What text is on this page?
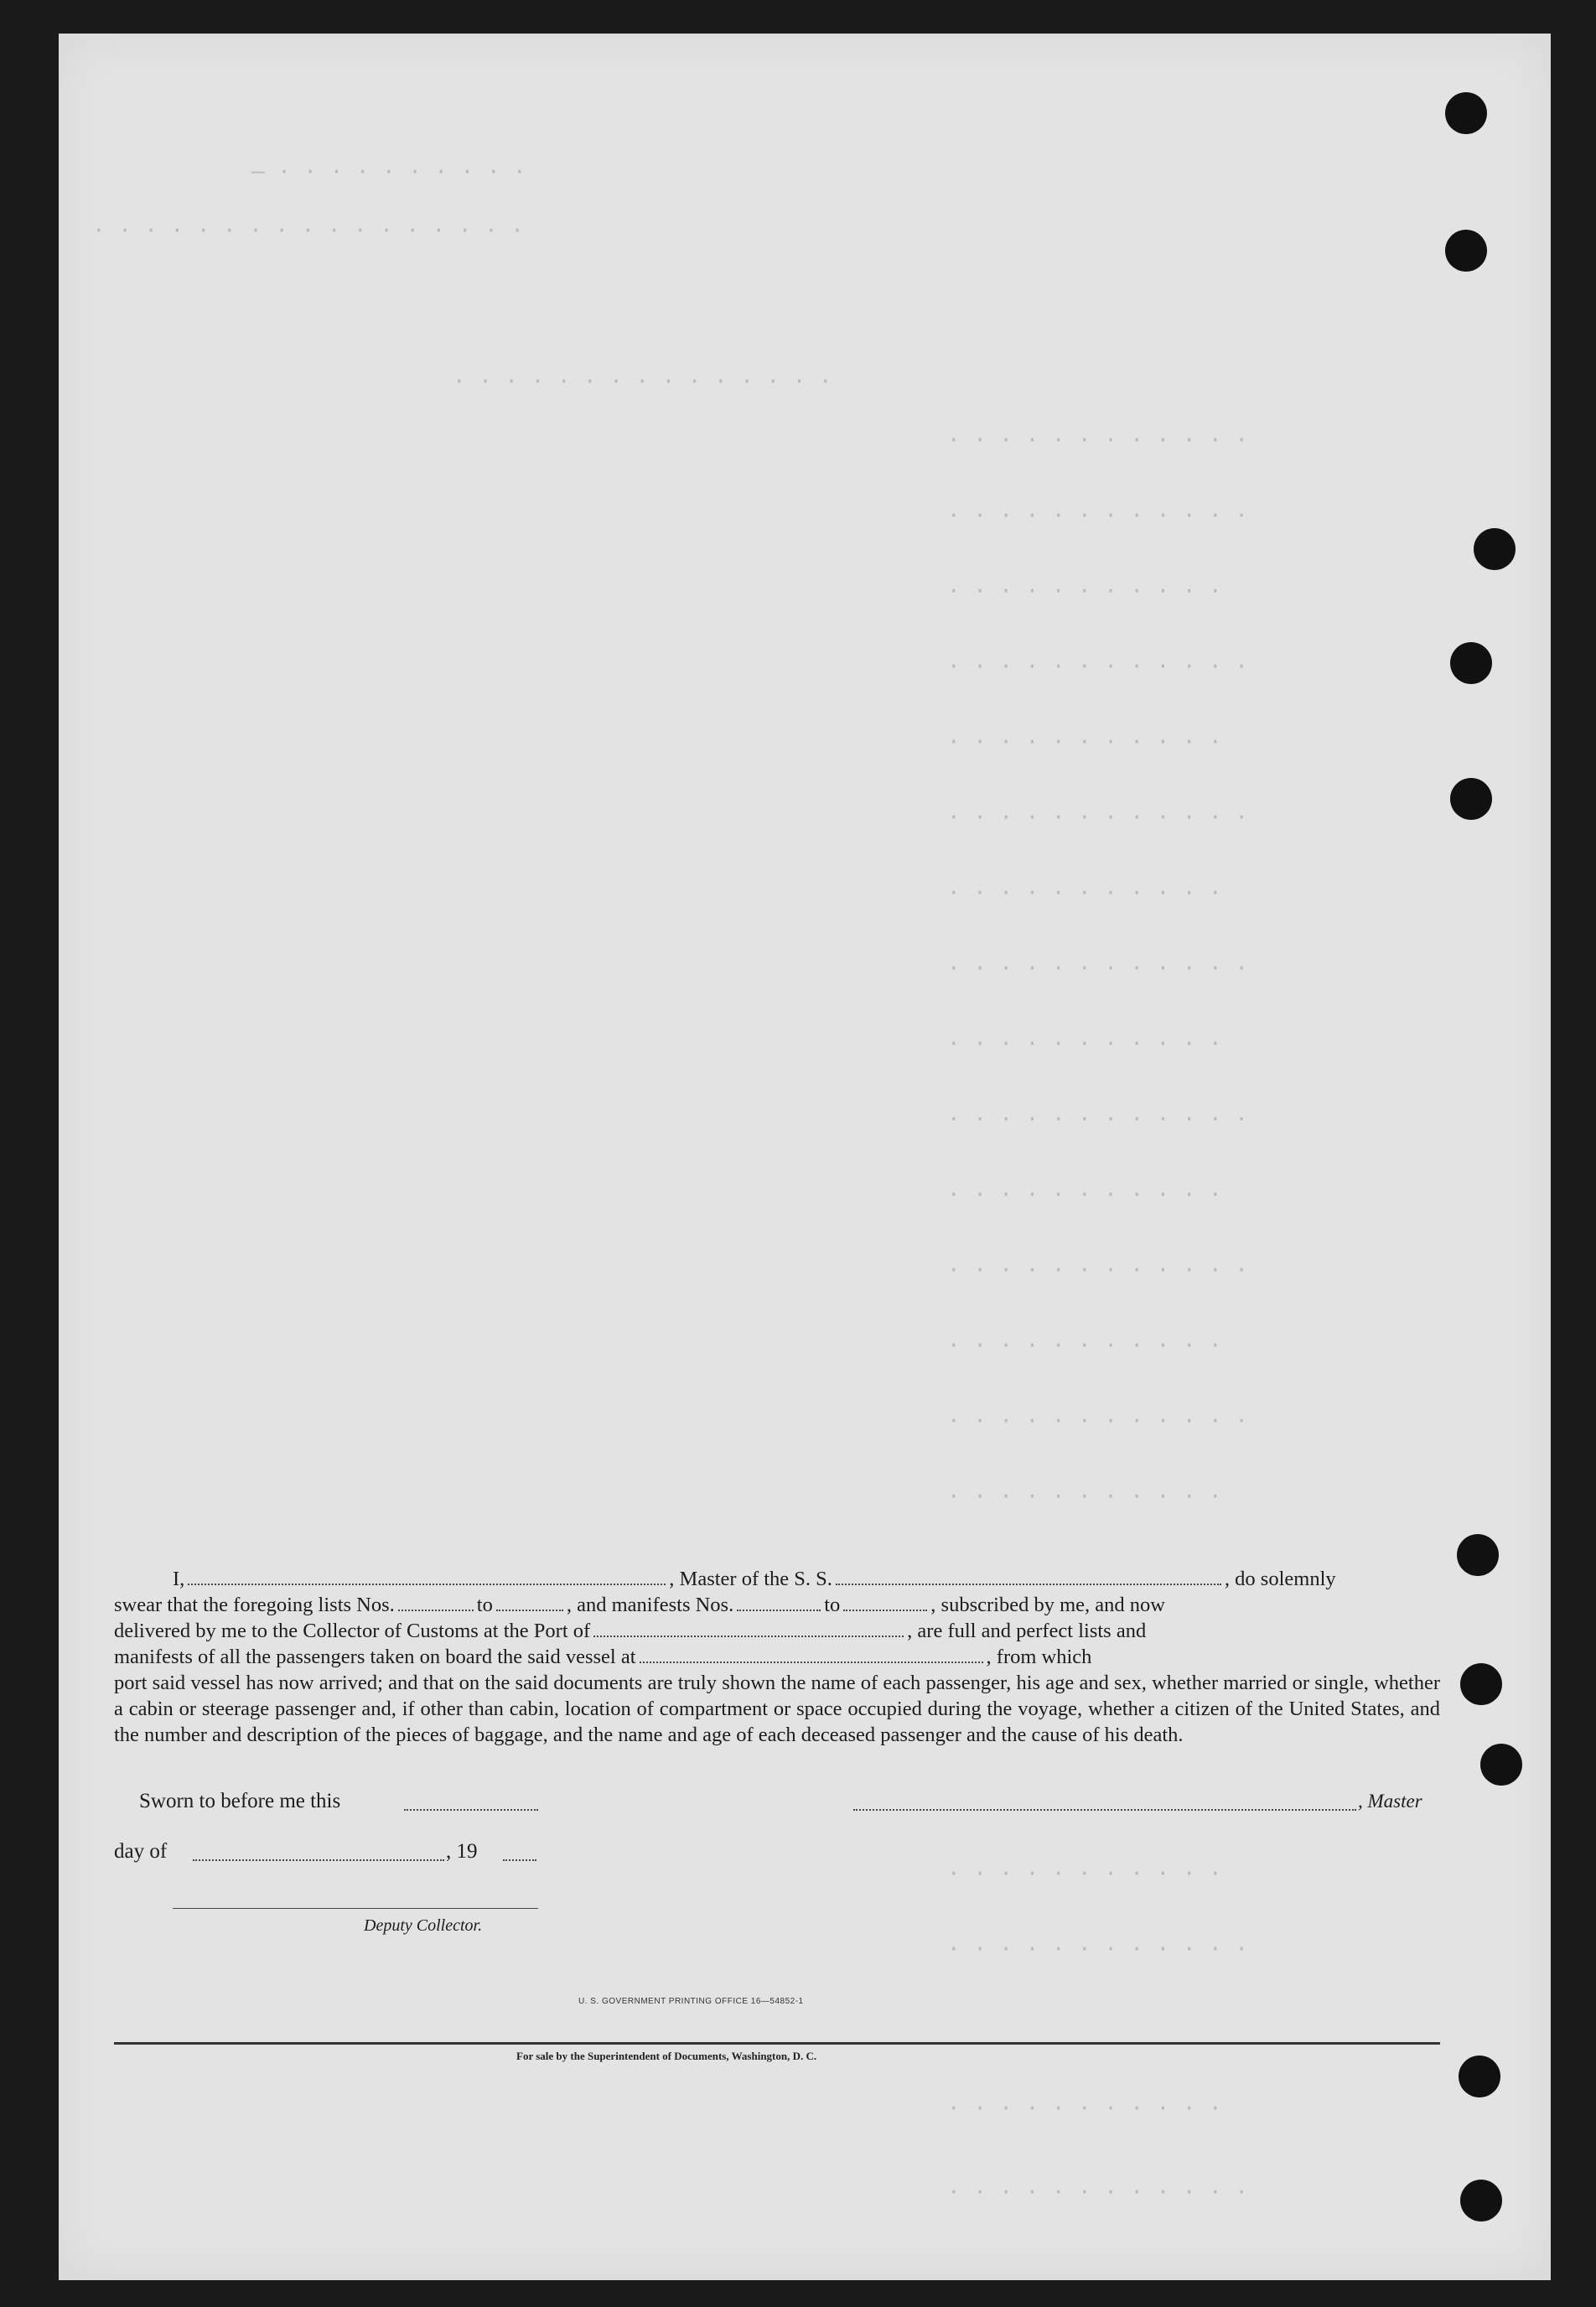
— · · · · · · · · · ·
· · · · · · · · · · · · · · · · ·
· · · · · · · · · · · · · · ·
· · · · · · · · · · · ·
· · · · · · · · · · · ·
· · · · · · · · · · ·
· · · · · · · · · · · ·
· · · · · · · · · · ·
· · · · · · · · · · · ·
· · · · · · · · · · ·
· · · · · · · · · · · ·
· · · · · · · · · · ·
· · · · · · · · · · · ·
· · · · · · · · · · ·
· · · · · · · · · · · ·
· · · · · · · · · · ·
· · · · · · · · · · · ·
· · · · · · · · · · ·
· · · · · · · · · · ·
· · · · · · · · · · · ·
· · · · · · · · · · ·
· · · · · · · · · · · ·
I,	, Master of the S. S.	, do solemnly
swear that the foregoing lists Nos.	to	, and manifests Nos.	to	, subscribed by me, and now
delivered by me to the Collector of Customs at the Port of	, are full and perfect lists and
manifests of all the passengers taken on board the said vessel at	, from which
port said vessel has now arrived; and that on the said documents are truly shown the name of each passenger, his age and sex, whether married or single, whether a cabin or steerage passenger and, if other than cabin, location of compartment or space occupied during the voyage, whether a citizen of the United States, and the number and description of the pieces of baggage, and the name and age of each deceased passenger and the cause of his death.
Sworn to before me this	, Master
day of	, 19
Deputy Collector.
U. S. GOVERNMENT PRINTING OFFICE 16—54852-1
For sale by the Superintendent of Documents, Washington, D. C.
